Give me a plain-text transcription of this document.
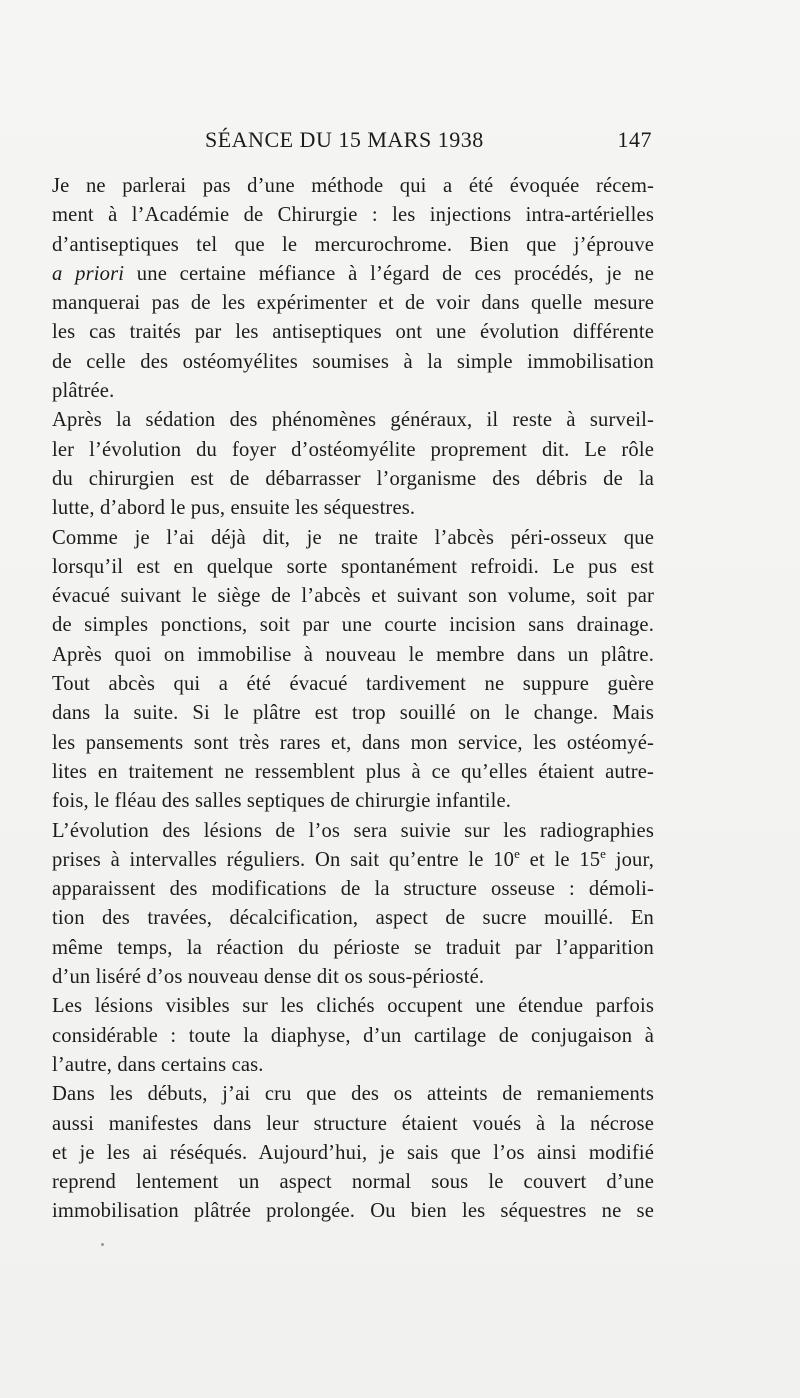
SÉANCE DU 15 MARS 1938	147
Je ne parlerai pas d’une méthode qui a été évoquée récem-
ment à l’Académie de Chirurgie : les injections intra-artérielles
d’antiseptiques tel que le mercurochrome. Bien que j’éprouve
a priori une certaine méfiance à l’égard de ces procédés, je ne
manquerai pas de les expérimenter et de voir dans quelle mesure
les cas traités par les antiseptiques ont une évolution différente
de celle des ostéomyélites soumises à la simple immobilisation
plâtrée.
Après la sédation des phénomènes généraux, il reste à surveil-
ler l’évolution du foyer d’ostéomyélite proprement dit. Le rôle
du chirurgien est de débarrasser l’organisme des débris de la
lutte, d’abord le pus, ensuite les séquestres.
Comme je l’ai déjà dit, je ne traite l’abcès péri-osseux que
lorsqu’il est en quelque sorte spontanément refroidi. Le pus est
évacué suivant le siège de l’abcès et suivant son volume, soit par
de simples ponctions, soit par une courte incision sans drainage.
Après quoi on immobilise à nouveau le membre dans un plâtre.
Tout abcès qui a été évacué tardivement ne suppure guère
dans la suite. Si le plâtre est trop souillé on le change. Mais
les pansements sont très rares et, dans mon service, les ostéomyé-
lites en traitement ne ressemblent plus à ce qu’elles étaient autre-
fois, le fléau des salles septiques de chirurgie infantile.
L’évolution des lésions de l’os sera suivie sur les radiographies
prises à intervalles réguliers. On sait qu’entre le 10e et le 15e jour,
apparaissent des modifications de la structure osseuse : démoli-
tion des travées, décalcification, aspect de sucre mouillé. En
même temps, la réaction du périoste se traduit par l’apparition
d’un liséré d’os nouveau dense dit os sous-périosté.
Les lésions visibles sur les clichés occupent une étendue parfois
considérable : toute la diaphyse, d’un cartilage de conjugaison à
l’autre, dans certains cas.
Dans les débuts, j’ai cru que des os atteints de remaniements
aussi manifestes dans leur structure étaient voués à la nécrose
et je les ai réséqués. Aujourd’hui, je sais que l’os ainsi modifié
reprend lentement un aspect normal sous le couvert d’une
immobilisation plâtrée prolongée. Ou bien les séquestres ne se
